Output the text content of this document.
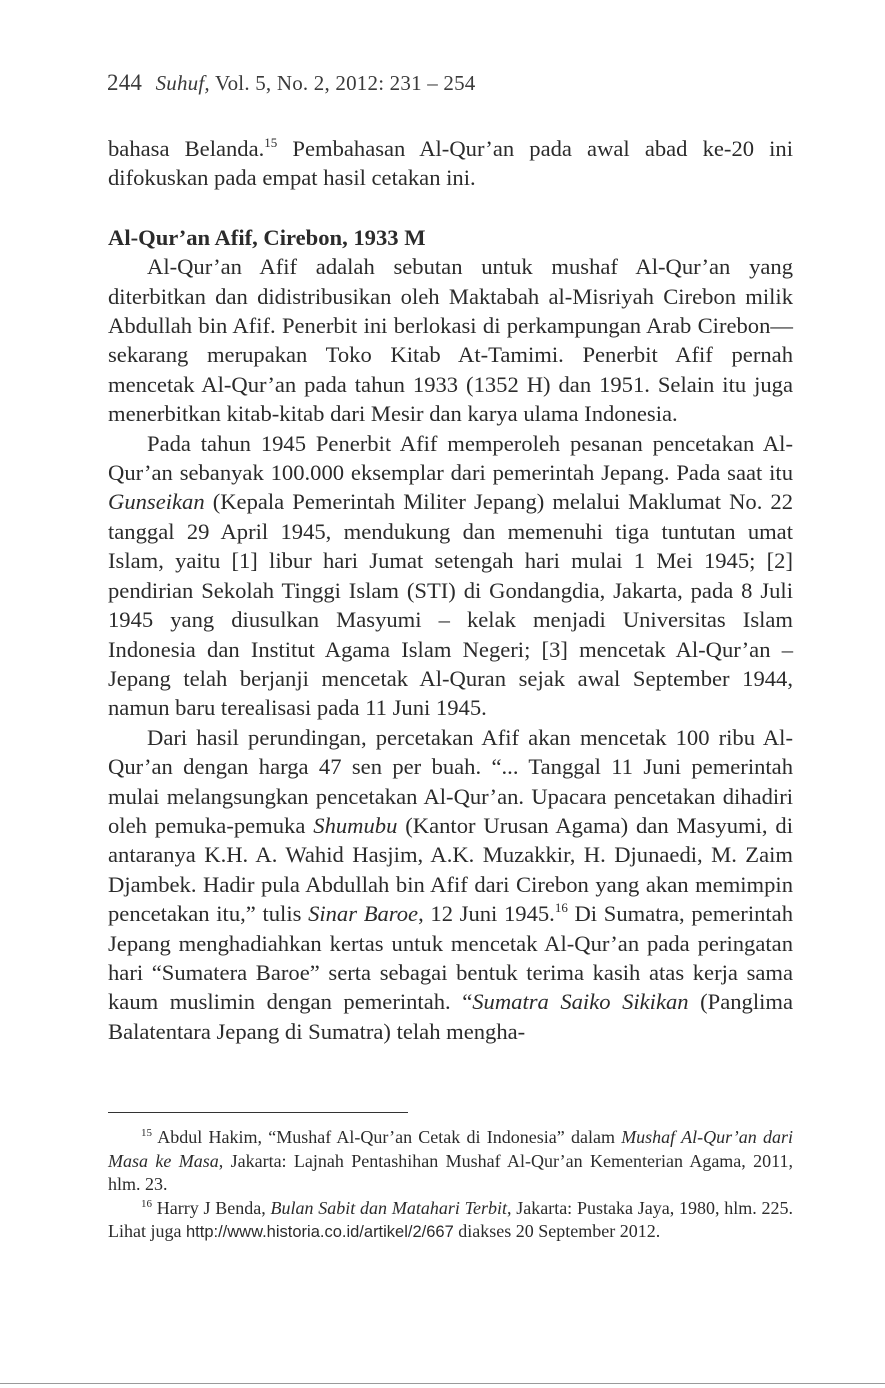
244 Suhuf, Vol. 5, No. 2, 2012: 231 – 254

bahasa Belanda.$^{15}$ Pembahasan Al-Qur’an pada awal abad ke-20 ini difokuskan pada empat hasil cetakan ini.

Al-Qur’an Afif, Cirebon, 1933 M

Al-Qur’an Afif adalah sebutan untuk mushaf Al-Qur’an yang diterbitkan dan didistribusikan oleh Maktabah al-Misriyah Cirebon milik Abdullah bin Afif. Penerbit ini berlokasi di perkampungan Arab Cirebon—sekarang merupakan Toko Kitab At-Tamimi. Penerbit Afif pernah mencetak Al-Qur’an pada tahun 1933 (1352 H) dan 1951. Selain itu juga menerbitkan kitab-kitab dari Mesir dan karya ulama Indonesia.

Pada tahun 1945 Penerbit Afif memperoleh pesanan pencetakan Al-Qur’an sebanyak 100.000 eksemplar dari pemerintah Jepang. Pada saat itu Gunseikan (Kepala Pemerintah Militer Jepang) melalui Maklumat No. 22 tanggal 29 April 1945, mendukung dan memenuhi tiga tuntutan umat Islam, yaitu [1] libur hari Jumat setengah hari mulai 1 Mei 1945; [2] pendirian Sekolah Tinggi Islam (STI) di Gondangdia, Jakarta, pada 8 Juli 1945 yang diusulkan Masyumi – kelak menjadi Universitas Islam Indonesia dan Institut Agama Islam Negeri; [3] mencetak Al-Qur’an – Jepang telah berjanji mencetak Al-Quran sejak awal September 1944, namun baru terealisasi pada 11 Juni 1945.

Dari hasil perundingan, percetakan Afif akan mencetak 100 ribu Al-Qur’an dengan harga 47 sen per buah. “... Tanggal 11 Juni pemerintah mulai melangsungkan pencetakan Al-Qur’an. Upacara pencetakan dihadiri oleh pemuka-pemuka Shumubu (Kantor Urusan Agama) dan Masyumi, di antaranya K.H. A. Wahid Hasjim, A.K. Muzakkir, H. Djunaedi, M. Zaim Djambek. Hadir pula Abdullah bin Afif dari Cirebon yang akan memimpin pencetakan itu,” tulis Sinar Baroe, 12 Juni 1945.16 Di Sumatra, pemerintah Jepang menghadiahkan kertas untuk mencetak Al-Qur’an pada peringatan hari “Sumatera Baroe” serta sebagai bentuk terima kasih atas kerja sama kaum muslimin dengan pemerintah. “Sumatra Saiko Sikikan (Panglima Balatentara Jepang di Sumatra) telah mengha-

$^{15}$ Abdul Hakim, “Mushaf Al-Qur’an Cetak di Indonesia” dalam Mushaf Al-Qur’an dari Masa ke Masa, Jakarta: Lajnah Pentashihan Mushaf Al-Qur’an Kementerian Agama, 2011, hlm. 23.

$^{16}$ Harry J Benda, Bulan Sabit dan Matahari Terbit, Jakarta: Pustaka Jaya, 1980, hlm. 225. Lihat juga http://www.historia.co.id/artikel/2/667 diakses 20 September 2012.
